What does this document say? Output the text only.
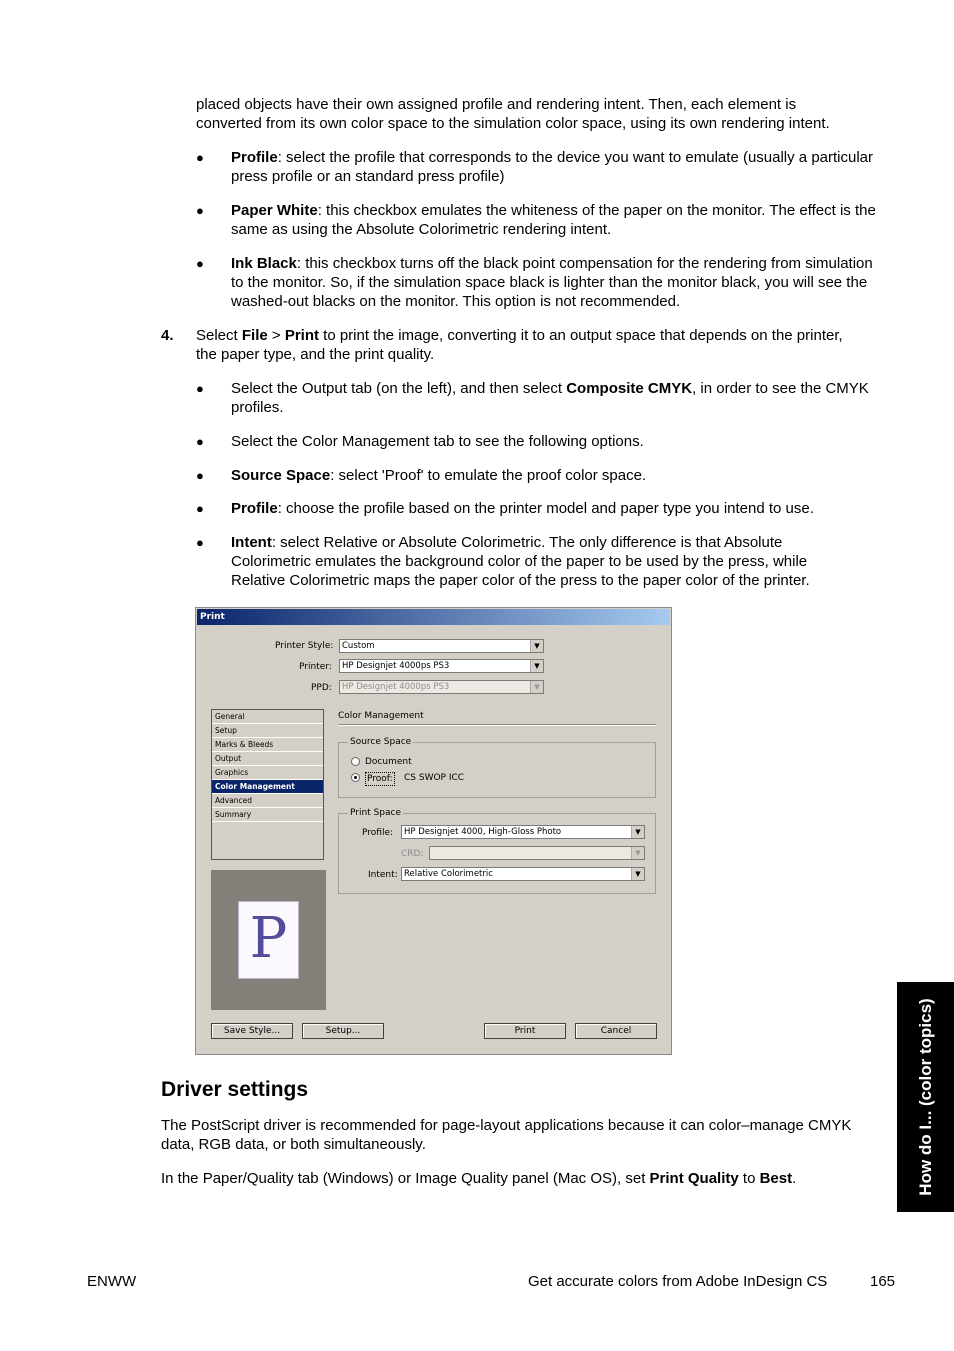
placed objects have their own assigned profile and rendering intent. Then, each element is
converted from its own color space to the simulation color space, using its own rendering intent.
● Profile: select the profile that corresponds to the device you want to emulate (usually a particular press profile or an standard press profile)
● Paper White: this checkbox emulates the whiteness of the paper on the monitor. The effect is the same as using the Absolute Colorimetric rendering intent.
● Ink Black: this checkbox turns off the black point compensation for the rendering from simulation to the monitor. So, if the simulation space black is lighter than the monitor black, you will see the washed-out blacks on the monitor. This option is not recommended.
4. Select File > Print to print the image, converting it to an output space that depends on the printer, the paper type, and the print quality.
● Select the Output tab (on the left), and then select Composite CMYK, in order to see the CMYK profiles.
● Select the Color Management tab to see the following options.
● Source Space: select 'Proof' to emulate the proof color space.
● Profile: choose the profile based on the printer model and paper type you intend to use.
● Intent: select Relative or Absolute Colorimetric. The only difference is that Absolute Colorimetric emulates the background color of the paper to be used by the press, while Relative Colorimetric maps the paper color of the press to the paper color of the printer.
Print
Printer Style:	Custom	▼
Printer:	HP Designjet 4000ps PS3	▼
PPD:	HP Designjet 4000ps PS3	▼
General
Setup
Marks & Bleeds
Output
Graphics
Color Management
Advanced
Summary
P
Color Management
Source Space
Document
Proof: CS SWOP ICC
Print Space
Profile:	HP Designjet 4000, High-Gloss Photo	▼
CRD:	▼
Intent: Relative Colorimetric	▼
Save Style...	Setup...	Print	Cancel
Driver settings
The PostScript driver is recommended for page-layout applications because it can color–manage CMYK data, RGB data, or both simultaneously.
In the Paper/Quality tab (Windows) or Image Quality panel (Mac OS), set Print Quality to Best.	How do I... (color topics)
ENWW	Get accurate colors from Adobe InDesign CS	165
